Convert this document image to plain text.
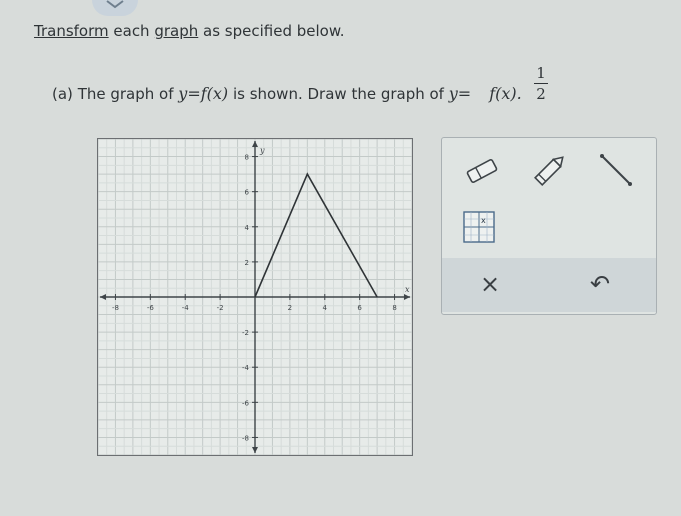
Transform each graph as specified below.
(a) The graph of y=f(x) is shown. Draw the graph of y= f(x).
1
2
-8	-6	-4	-2	2	4	6	8
8
6
4
2
-2
-4
-6
-8
x
y
x
×	↶
